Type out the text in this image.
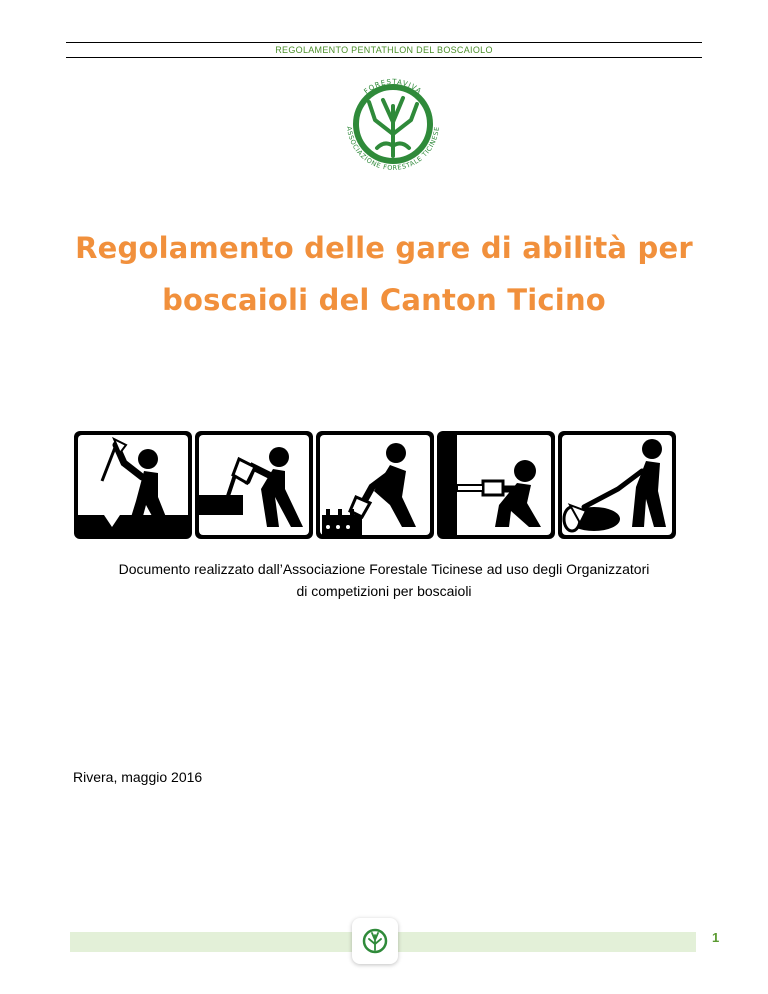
REGOLAMENTO PENTATHLON DEL BOSCAIOLO
FORESTAVIVA
ASSOCIAZIONE FORESTALE TICINESE
Regolamento delle gare di abilità per
boscaioli del Canton Ticino
Documento realizzato dall’Associazione Forestale Ticinese ad uso degli Organizzatori
di competizioni per boscaioli
Rivera, maggio 2016
1
